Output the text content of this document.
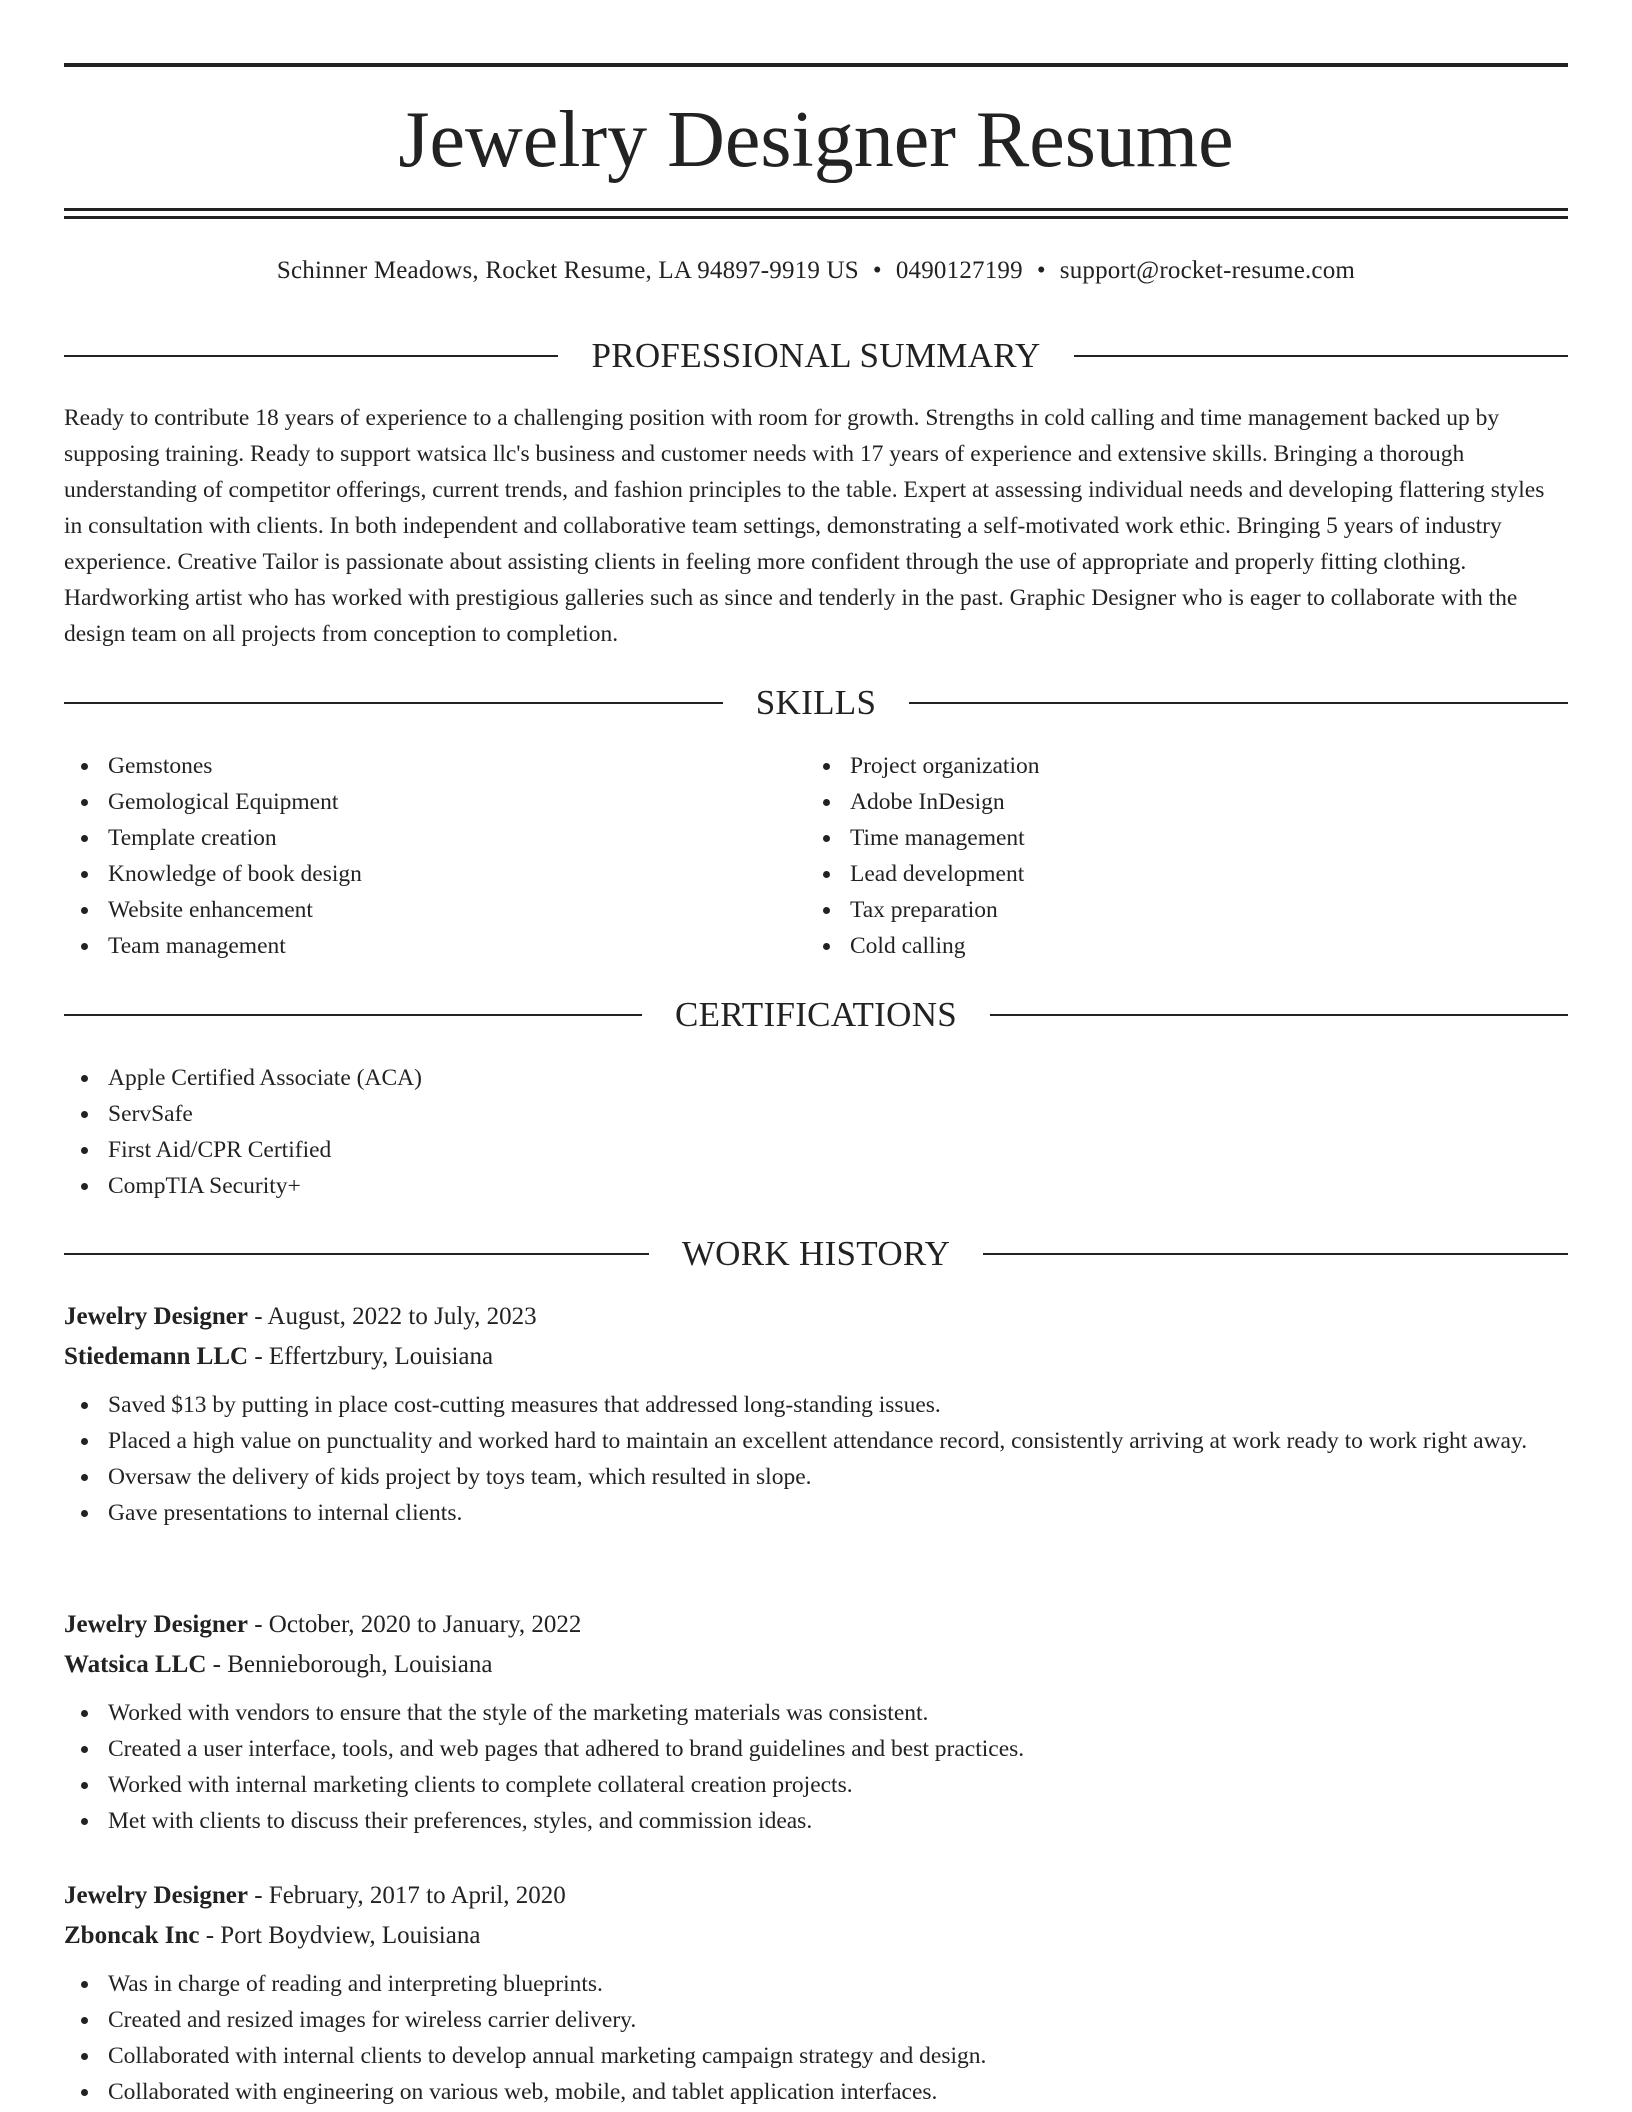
Jewelry Designer Resume
Schinner Meadows, Rocket Resume, LA 94897-9919 US • 0490127199 • support@rocket-resume.com
PROFESSIONAL SUMMARY

Ready to contribute 18 years of experience to a challenging position with room for growth. Strengths in cold calling and time management backed up by supposing training. Ready to support watsica llc's business and customer needs with 17 years of experience and extensive skills. Bringing a thorough understanding of competitor offerings, current trends, and fashion principles to the table. Expert at assessing individual needs and developing flattering styles in consultation with clients. In both independent and collaborative team settings, demonstrating a self-motivated work ethic. Bringing 5 years of industry experience. Creative Tailor is passionate about assisting clients in feeling more confident through the use of appropriate and properly fitting clothing. Hardworking artist who has worked with prestigious galleries such as since and tenderly in the past. Graphic Designer who is eager to collaborate with the design team on all projects from conception to completion.

SKILLS
Gemstones
Gemological Equipment
Template creation
Knowledge of book design
Website enhancement
Team management
Project organization
Adobe InDesign
Time management
Lead development
Tax preparation
Cold calling
CERTIFICATIONS
Apple Certified Associate (ACA)
ServSafe
First Aid/CPR Certified
CompTIA Security+
WORK HISTORY
Jewelry Designer - August, 2022 to July, 2023
Stiedemann LLC - Effertzbury, Louisiana
Saved $13 by putting in place cost-cutting measures that addressed long-standing issues.
Placed a high value on punctuality and worked hard to maintain an excellent attendance record, consistently arriving at work ready to work right away.
Oversaw the delivery of kids project by toys team, which resulted in slope.
Gave presentations to internal clients.
Jewelry Designer - October, 2020 to January, 2022
Watsica LLC - Bennieborough, Louisiana
Worked with vendors to ensure that the style of the marketing materials was consistent.
Created a user interface, tools, and web pages that adhered to brand guidelines and best practices.
Worked with internal marketing clients to complete collateral creation projects.
Met with clients to discuss their preferences, styles, and commission ideas.
Jewelry Designer - February, 2017 to April, 2020
Zboncak Inc - Port Boydview, Louisiana
Was in charge of reading and interpreting blueprints.
Created and resized images for wireless carrier delivery.
Collaborated with internal clients to develop annual marketing campaign strategy and design.
Collaborated with engineering on various web, mobile, and tablet application interfaces.
